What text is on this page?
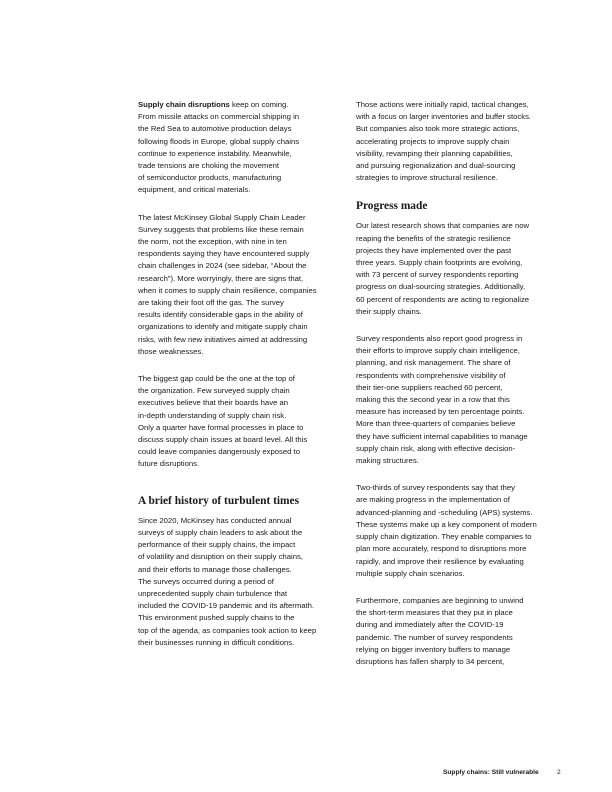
Supply chain disruptions keep on coming.
From missile attacks on commercial shipping in
the Red Sea to automotive production delays
following floods in Europe, global supply chains
continue to experience instability. Meanwhile,
trade tensions are choking the movement
of semiconductor products, manufacturing
equipment, and critical materials.

The latest McKinsey Global Supply Chain Leader
Survey suggests that problems like these remain
the norm, not the exception, with nine in ten
respondents saying they have encountered supply
chain challenges in 2024 (see sidebar, “About the
research”). More worryingly, there are signs that,
when it comes to supply chain resilience, companies
are taking their foot off the gas. The survey
results identify considerable gaps in the ability of
organizations to identify and mitigate supply chain
risks, with few new initiatives aimed at addressing
those weaknesses.

The biggest gap could be the one at the top of
the organization. Few surveyed supply chain
executives believe that their boards have an
in-depth understanding of supply chain risk.
Only a quarter have formal processes in place to
discuss supply chain issues at board level. All this
could leave companies dangerously exposed to
future disruptions.

A brief history of turbulent times

Since 2020, McKinsey has conducted annual
surveys of supply chain leaders to ask about the
performance of their supply chains, the impact
of volatility and disruption on their supply chains,
and their efforts to manage those challenges.
The surveys occurred during a period of
unprecedented supply chain turbulence that
included the COVID-19 pandemic and its aftermath.
This environment pushed supply chains to the
top of the agenda, as companies took action to keep
their businesses running in difficult conditions.

Those actions were initially rapid, tactical changes,
with a focus on larger inventories and buffer stocks.
But companies also took more strategic actions,
accelerating projects to improve supply chain
visibility, revamping their planning capabilities,
and pursuing regionalization and dual-sourcing
strategies to improve structural resilience.

Progress made

Our latest research shows that companies are now
reaping the benefits of the strategic resilience
projects they have implemented over the past
three years. Supply chain footprints are evolving,
with 73 percent of survey respondents reporting
progress on dual-sourcing strategies. Additionally,
60 percent of respondents are acting to regionalize
their supply chains.

Survey respondents also report good progress in
their efforts to improve supply chain intelligence,
planning, and risk management. The share of
respondents with comprehensive visibility of
their tier-one suppliers reached 60 percent,
making this the second year in a row that this
measure has increased by ten percentage points.
More than three-quarters of companies believe
they have sufficient internal capabilities to manage
supply chain risk, along with effective decision-
making structures.

Two-thirds of survey respondents say that they
are making progress in the implementation of
advanced-planning and -scheduling (APS) systems.
These systems make up a key component of modern
supply chain digitization. They enable companies to
plan more accurately, respond to disruptions more
rapidly, and improve their resilience by evaluating
multiple supply chain scenarios.

Furthermore, companies are beginning to unwind
the short-term measures that they put in place
during and immediately after the COVID-19
pandemic. The number of survey respondents
relying on bigger inventory buffers to manage
disruptions has fallen sharply to 34 percent,

Supply chains: Still vulnerable	2
